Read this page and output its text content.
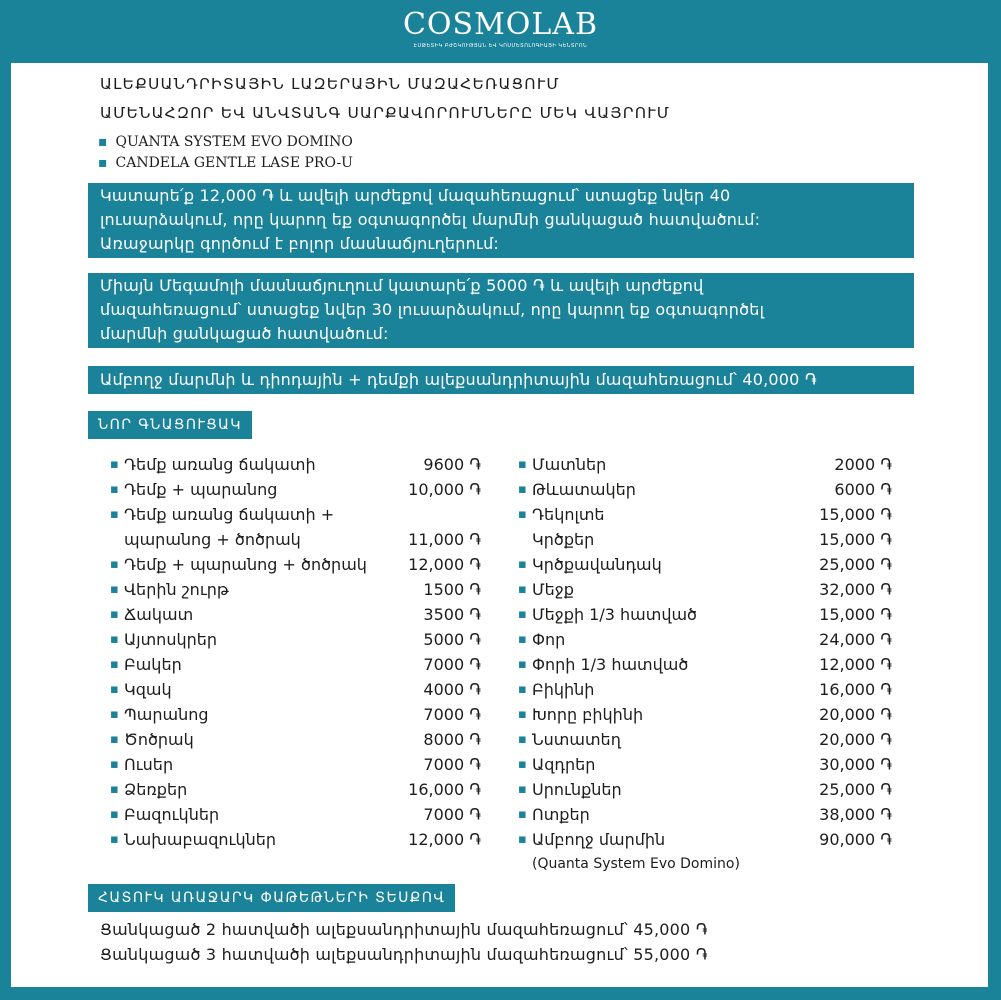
COSMOLAB
ԷՍԹԵՏԻԿ ԲԺՇԿՈՒԹՅԱՆ ԵՎ ԿՈՍՄԵՏՈԼՈԳԻԱՅԻ ԿԵՆՏՐՈՆ
ԱԼԵՔՍԱՆԴՐԻՏԱՅԻՆ ԼԱԶԵՐԱՅԻՆ ՄԱԶԱՀԵՌԱՑՈՒՄ
ԱՄԵՆԱՀԶՈՐ ԵՎ ԱՆՎՏԱՆԳ ՍԱՐՔԱՎՈՐՈՒՄՆԵՐԸ ՄԵԿ ՎԱՅՐՈՒՄ
▪ QUANTA SYSTEM EVO DOMINO
▪ CANDELA GENTLE LASE PRO-U
Կատարե՛ք 12,000 ֏ և ավելի արժեքով մազահեռացում՝ ստացեք նվեր 40
լուսարձակում, որը կարող եք օգտագործել մարմնի ցանկացած հատվածում:
Առաջարկը գործում է բոլոր մասնաճյուղերում:
Միայն Մեգամոլի մասնաճյուղում կատարե՛ք 5000 ֏ և ավելի արժեքով
մազահեռացում՝ ստացեք նվեր 30 լուսարձակում, որը կարող եք օգտագործել
մարմնի ցանկացած հատվածում:
Ամբողջ մարմնի և դիոդային + դեմքի ալեքսանդրիտային մազահեռացում՝ 40,000 ֏
ՆՈՐ ԳՆԱՑՈՒՑԱԿ
▪ Դեմք առանց ճակատի	9600 ֏
▪ Դեմք + պարանոց	10,000 ֏
▪ Դեմք առանց ճակատի +
պարանոց + ծոծրակ	11,000 ֏
▪ Դեմք + պարանոց + ծոծրակ	12,000 ֏
▪ Վերին շուրթ	1500 ֏
▪ Ճակատ	3500 ֏
▪ Այտոսկրեր	5000 ֏
▪ Բակեր	7000 ֏
▪ Կզակ	4000 ֏
▪ Պարանոց	7000 ֏
▪ Ծոծրակ	8000 ֏
▪ Ուսեր	7000 ֏
▪ Ձեռքեր	16,000 ֏
▪ Բազուկներ	7000 ֏
▪ Նախաբազուկներ	12,000 ֏
▪ Մատներ	2000 ֏
▪ Թևատակեր	6000 ֏
▪ Դեկոլտե	15,000 ֏
Կրծքեր	15,000 ֏
▪ Կրծքավանդակ	25,000 ֏
▪ Մեջք	32,000 ֏
▪ Մեջքի 1/3 հատված	15,000 ֏
▪ Փոր	24,000 ֏
▪ Փորի 1/3 հատված	12,000 ֏
▪ Բիկինի	16,000 ֏
▪ Խորը բիկինի	20,000 ֏
▪ Նստատեղ	20,000 ֏
▪ Ազդրեր	30,000 ֏
▪ Սրունքներ	25,000 ֏
▪ Ոտքեր	38,000 ֏
▪ Ամբողջ մարմին	90,000 ֏
(Quanta System Evo Domino)
ՀԱՏՈՒԿ ԱՌԱՋԱՐԿ ՓԱԹԵԹՆԵՐԻ ՏԵՍՔՈՎ
Ցանկացած 2 հատվածի ալեքսանդրիտային մազահեռացում՝ 45,000 ֏
Ցանկացած 3 հատվածի ալեքսանդրիտային մազահեռացում՝ 55,000 ֏
